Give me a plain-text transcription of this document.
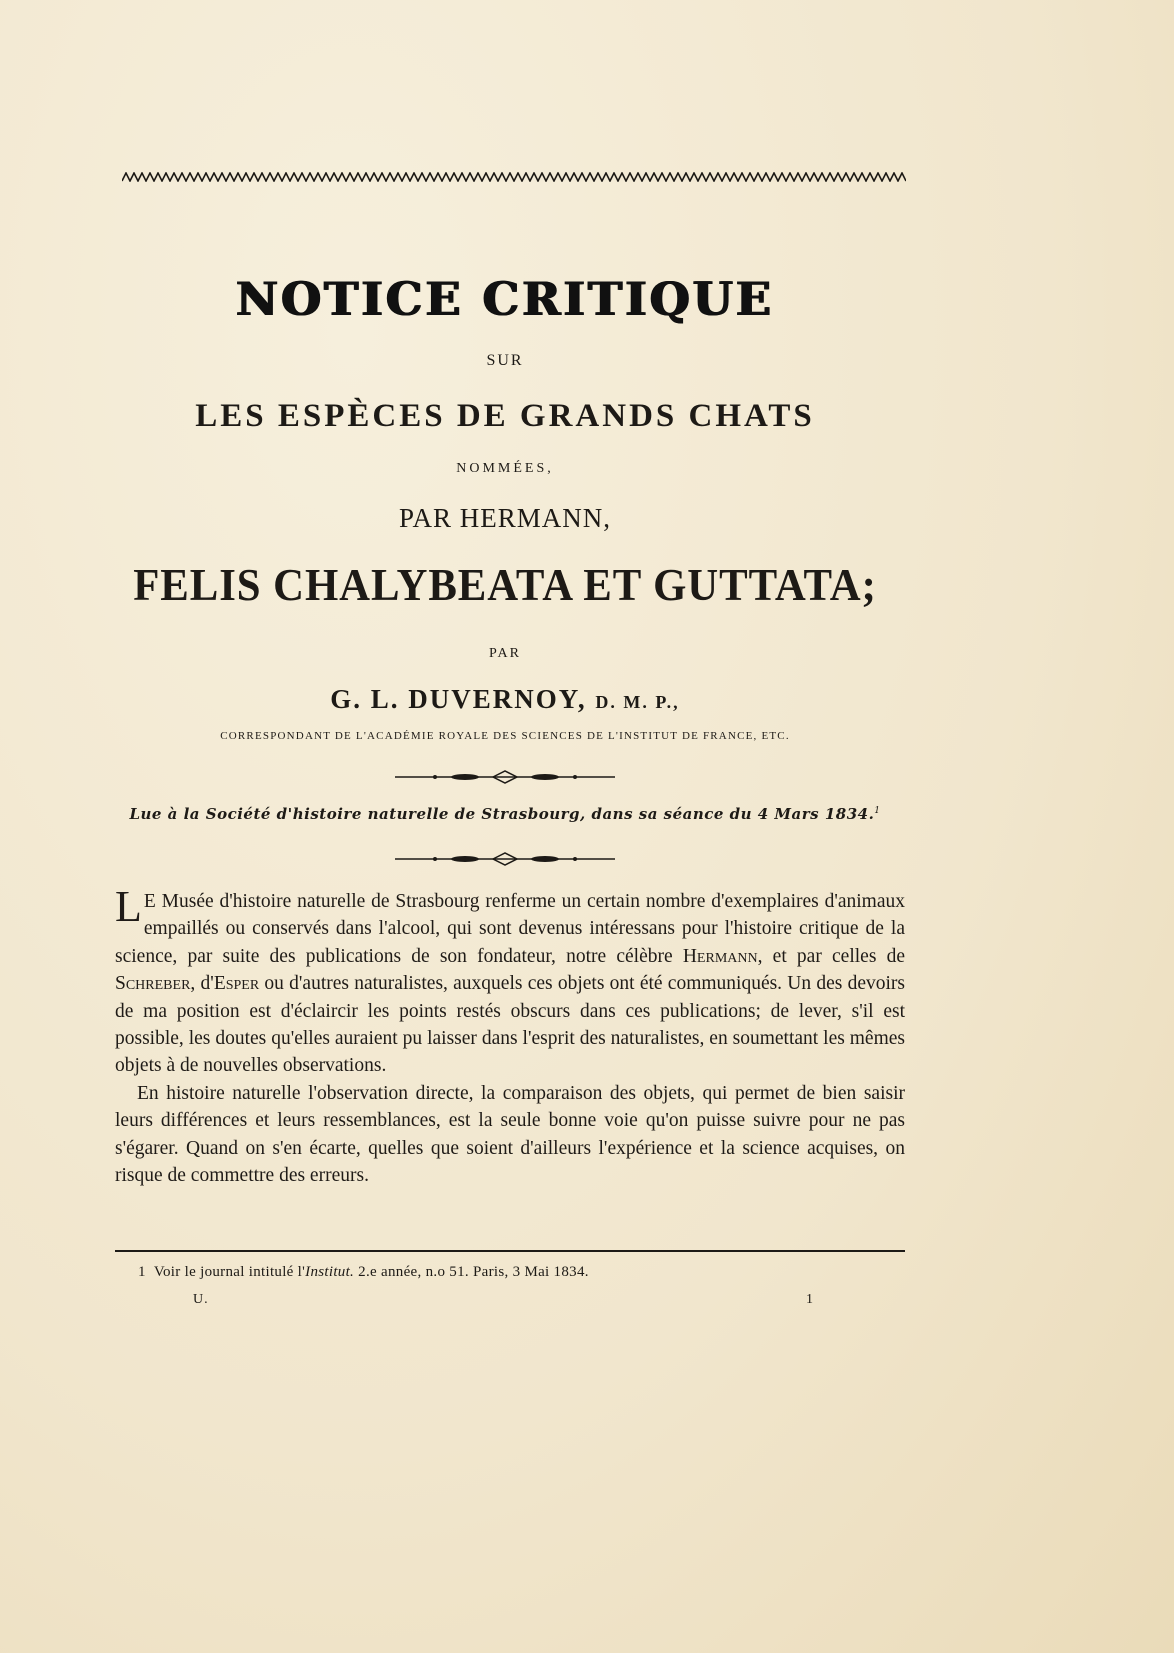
NOTICE CRITIQUE
SUR
LES ESPÈCES DE GRANDS CHATS
NOMMÉES,
PAR HERMANN,
FELIS CHALYBEATA ET GUTTATA;
PAR
G. L. DUVERNOY, D. M. P.,
CORRESPONDANT DE L'ACADÉMIE ROYALE DES SCIENCES DE L'INSTITUT DE FRANCE, ETC.
Lue à la Société d'histoire naturelle de Strasbourg, dans sa séance du 4 Mars 1834.$^1$

L E Musée d'histoire naturelle de Strasbourg renferme un certain nombre d'exemplaires d'animaux empaillés ou conservés dans l'alcool, qui sont devenus intéressans pour l'histoire critique de la science, par suite des publications de son fondateur, notre célèbre Hermann, et par celles de Schreber, d'Esper ou d'autres naturalistes, auxquels ces objets ont été communiqués. Un des devoirs de ma position est d'éclaircir les points restés obscurs dans ces publications; de lever, s'il est possible, les doutes qu'elles auraient pu laisser dans l'esprit des naturalistes, en soumettant les mêmes objets à de nouvelles observations.

En histoire naturelle l'observation directe, la comparaison des objets, qui permet de bien saisir leurs différences et leurs ressemblances, est la seule bonne voie qu'on puisse suivre pour ne pas s'égarer. Quand on s'en écarte, quelles que soient d'ailleurs l'expérience et la science acquises, on risque de commettre des erreurs.

1 Voir le journal intitulé l'Institut. 2.e année, n.o 51. Paris, 3 Mai 1834.
U.	1
